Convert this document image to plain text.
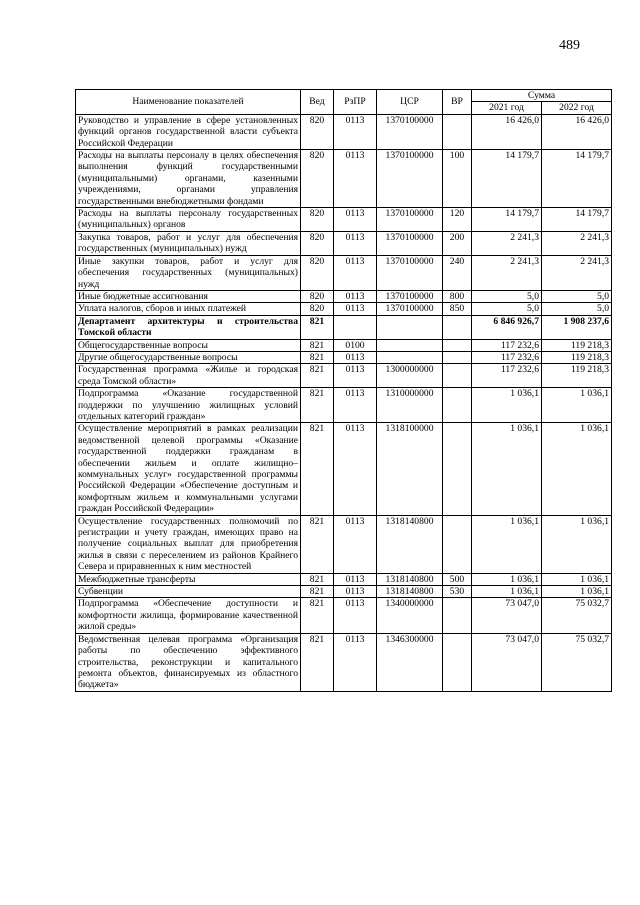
489
Наименование показателей	Вед	РзПР	ЦСР	ВР	Сумма	
					2021 год	2022 год
Руководство и управление в сфере установленных функций органов государственной власти субъекта Российской Федерации	820	0113	1370100000		16 426,0	16 426,0
Расходы на выплаты персоналу в целях обеспечения выполнения функций государственными (муниципальными) органами, казенными учреждениями, органами управления государственными внебюджетными фондами	820	0113	1370100000	100	14 179,7	14 179,7
Расходы на выплаты персоналу государственных (муниципальных) органов	820	0113	1370100000	120	14 179,7	14 179,7
Закупка товаров, работ и услуг для обеспечения государственных (муниципальных) нужд	820	0113	1370100000	200	2 241,3	2 241,3
Иные закупки товаров, работ и услуг для обеспечения государственных (муниципальных) нужд	820	0113	1370100000	240	2 241,3	2 241,3
Иные бюджетные ассигнования	820	0113	1370100000	800	5,0	5,0
Уплата налогов, сборов и иных платежей	820	0113	1370100000	850	5,0	5,0
Департамент архитектуры и строительства Томской области	821				6 846 926,7	1 908 237,6
Общегосударственные вопросы	821	0100			117 232,6	119 218,3
Другие общегосударственные вопросы	821	0113			117 232,6	119 218,3
Государственная программа «Жилье и городская среда Томской области»	821	0113	1300000000		117 232,6	119 218,3
Подпрограмма «Оказание государственной поддержки по улучшению жилищных условий отдельных категорий граждан»	821	0113	1310000000		1 036,1	1 036,1
Осуществление мероприятий в рамках реализации ведомственной целевой программы «Оказание государственной поддержки гражданам в обеспечении жильем и оплате жилищно–коммунальных услуг» государственной программы Российской Федерации «Обеспечение доступным и комфортным жильем и коммунальными услугами граждан Российской Федерации»	821	0113	1318100000		1 036,1	1 036,1
Осуществление государственных полномочий по регистрации и учету граждан, имеющих право на получение социальных выплат для приобретения жилья в связи с переселением из районов Крайнего Севера и приравненных к ним местностей	821	0113	1318140800		1 036,1	1 036,1
Межбюджетные трансферты	821	0113	1318140800	500	1 036,1	1 036,1
Субвенции	821	0113	1318140800	530	1 036,1	1 036,1
Подпрограмма «Обеспечение доступности и комфортности жилища, формирование качественной жилой среды»	821	0113	1340000000		73 047,0	75 032,7
Ведомственная целевая программа «Организация работы по обеспечению эффективного строительства, реконструкции и капитального ремонта объектов, финансируемых из областного бюджета»	821	0113	1346300000		73 047,0	75 032,7
